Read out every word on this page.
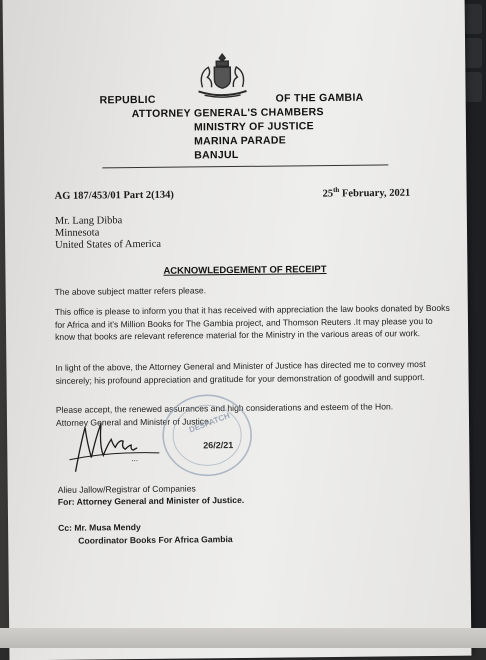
REPUBLIC	OF THE GAMBIA
ATTORNEY GENERAL'S CHAMBERS
MINISTRY OF JUSTICE
MARINA PARADE
BANJUL
AG 187/453/01 Part 2(134)	25th February, 2021
Mr. Lang Dibba
Minnesota
United States of America
ACKNOWLEDGEMENT OF RECEIPT
The above subject matter refers please.
This office is please to inform you that it has received with appreciation the law books donated by Books for Africa and it's Million Books for The Gambia project, and Thomson Reuters .It may please you to know that books are relevant reference material for the Ministry in the various areas of our work.
In light of the above, the Attorney General and Minister of Justice has directed me to convey most sincerely; his profound appreciation and gratitude for your demonstration of goodwill and support.
Please accept, the renewed assurances and high considerations and esteem of the Hon. Attorney General and Minister of Justice.
DESPATCH
26/2/21
...
Alieu Jallow/Registrar of Companies
For: Attorney General and Minister of Justice.
Cc: Mr. Musa Mendy
Coordinator Books For Africa Gambia
